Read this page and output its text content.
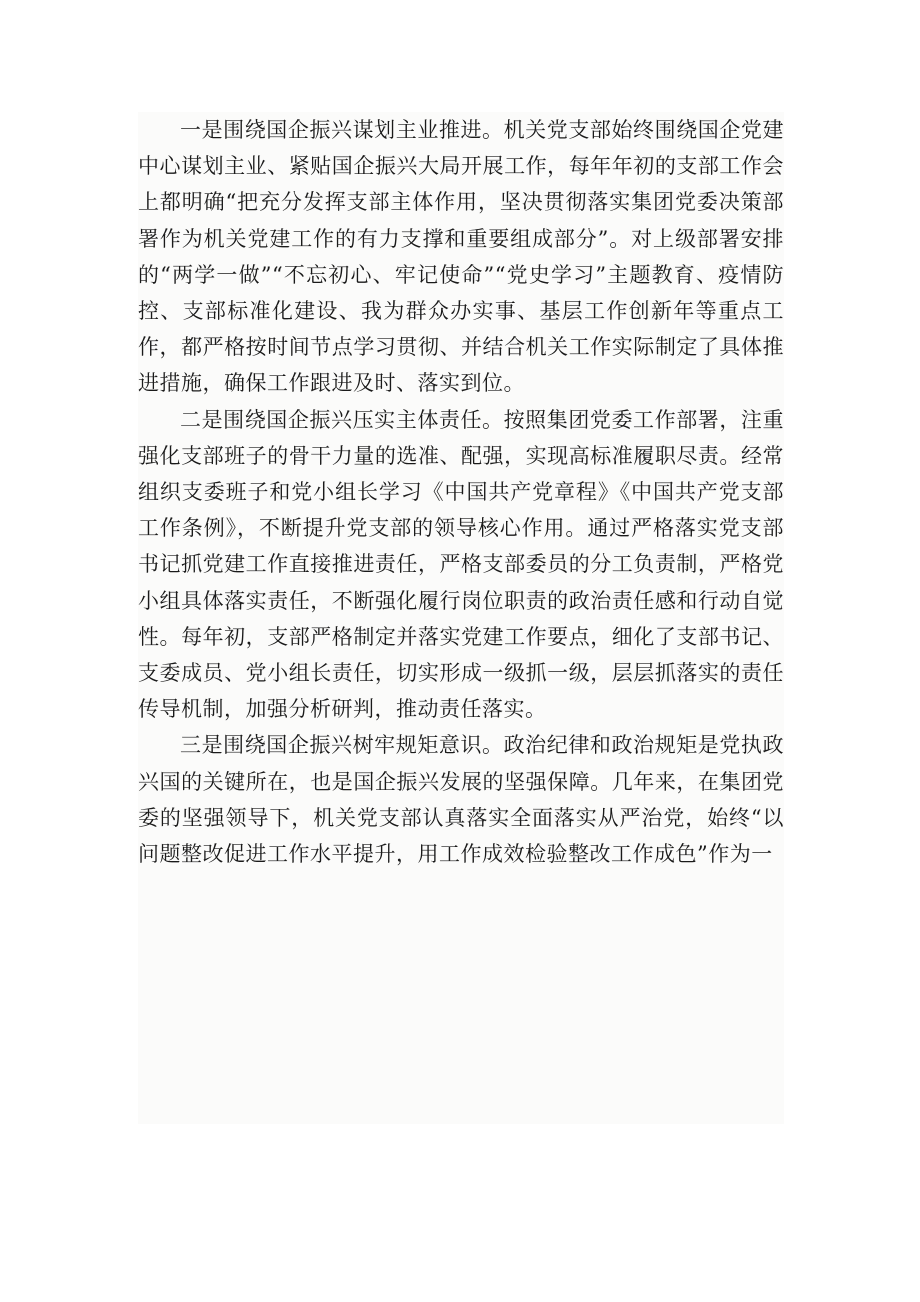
一是围绕国企振兴谋划主业推进。机关党支部始终围绕国企党建中心谋划主业、紧贴国企振兴大局开展工作，每年年初的支部工作会上都明确“把充分发挥支部主体作用，坚决贯彻落实集团党委决策部署作为机关党建工作的有力支撑和重要组成部分”。对上级部署安排的“两学一做”“不忘初心、牢记使命”“党史学习”主题教育、疫情防控、支部标准化建设、我为群众办实事、基层工作创新年等重点工作，都严格按时间节点学习贯彻、并结合机关工作实际制定了具体推进措施，确保工作跟进及时、落实到位。

二是围绕国企振兴压实主体责任。按照集团党委工作部署，注重强化支部班子的骨干力量的选准、配强，实现高标准履职尽责。经常组织支委班子和党小组长学习《中国共产党章程》《中国共产党支部工作条例》，不断提升党支部的领导核心作用。通过严格落实党支部书记抓党建工作直接推进责任，严格支部委员的分工负责制，严格党小组具体落实责任，不断强化履行岗位职责的政治责任感和行动自觉性。每年初，支部严格制定并落实党建工作要点，细化了支部书记、支委成员、党小组长责任，切实形成一级抓一级，层层抓落实的责任传导机制，加强分析研判，推动责任落实。

三是围绕国企振兴树牢规矩意识。政治纪律和政治规矩是党执政兴国的关键所在，也是国企振兴发展的坚强保障。几年来，在集团党委的坚强领导下，机关党支部认真落实全面落实从严治党，始终“以问题整改促进工作水平提升，用工作成效检验整改工作成色”作为一
